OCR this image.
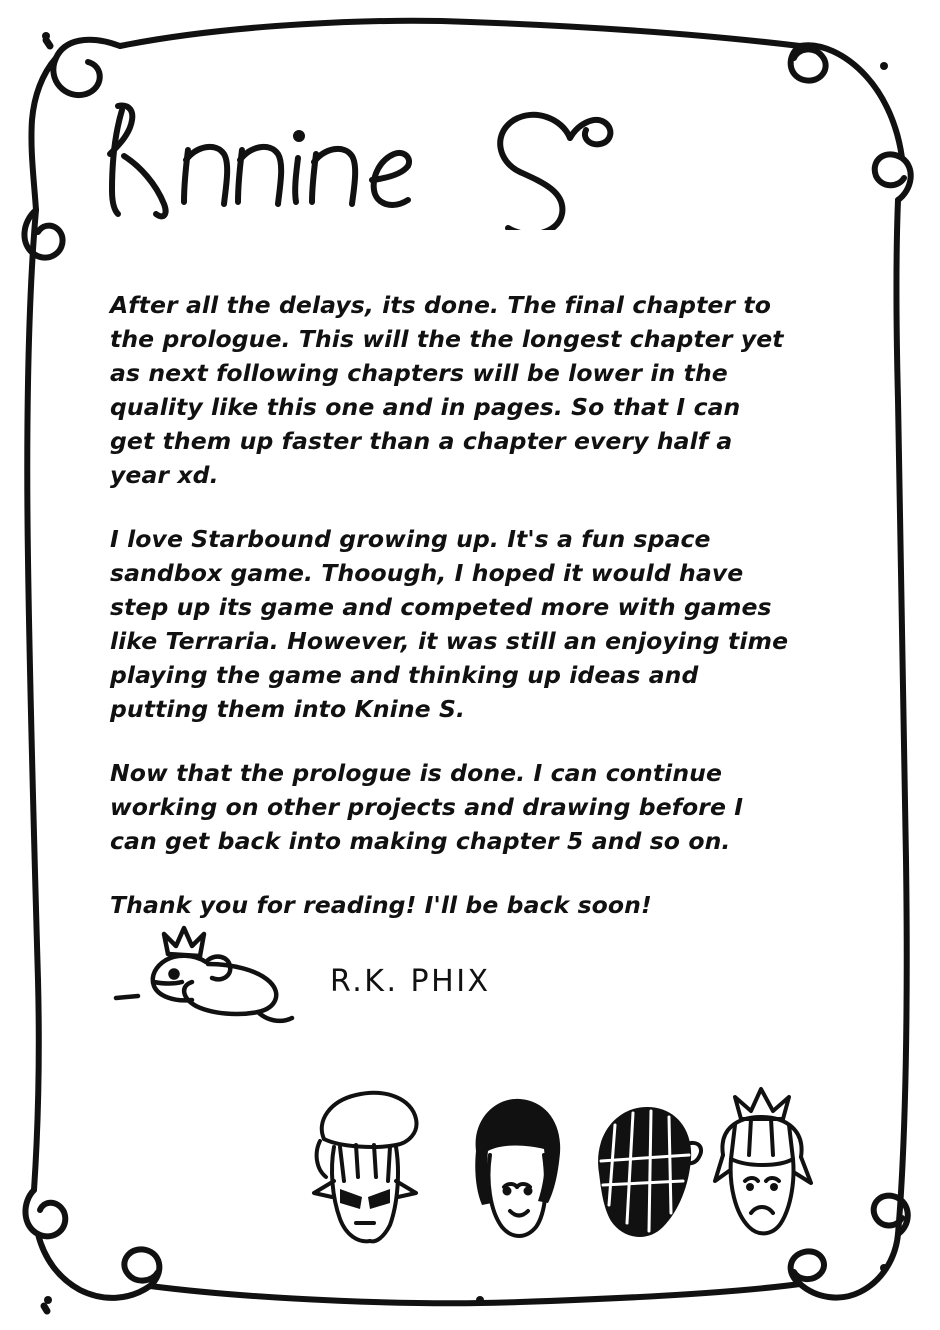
After all the delays, its done. The final chapter to the prologue. This will the the longest chapter yet as next following chapters will be lower in the quality like this one and in pages. So that I can get them up faster than a chapter every half a year xd.

I love Starbound growing up. It's a fun space sandbox game. Thoough, I hoped it would have step up its game and competed more with games like Terraria. However, it was still an enjoying time playing the game and thinking up ideas and putting them into Knine S.

Now that the prologue is done. I can continue working on other projects and drawing before I can get back into making chapter 5 and so on.

Thank you for reading! I'll be back soon!

R.K. PHIX
